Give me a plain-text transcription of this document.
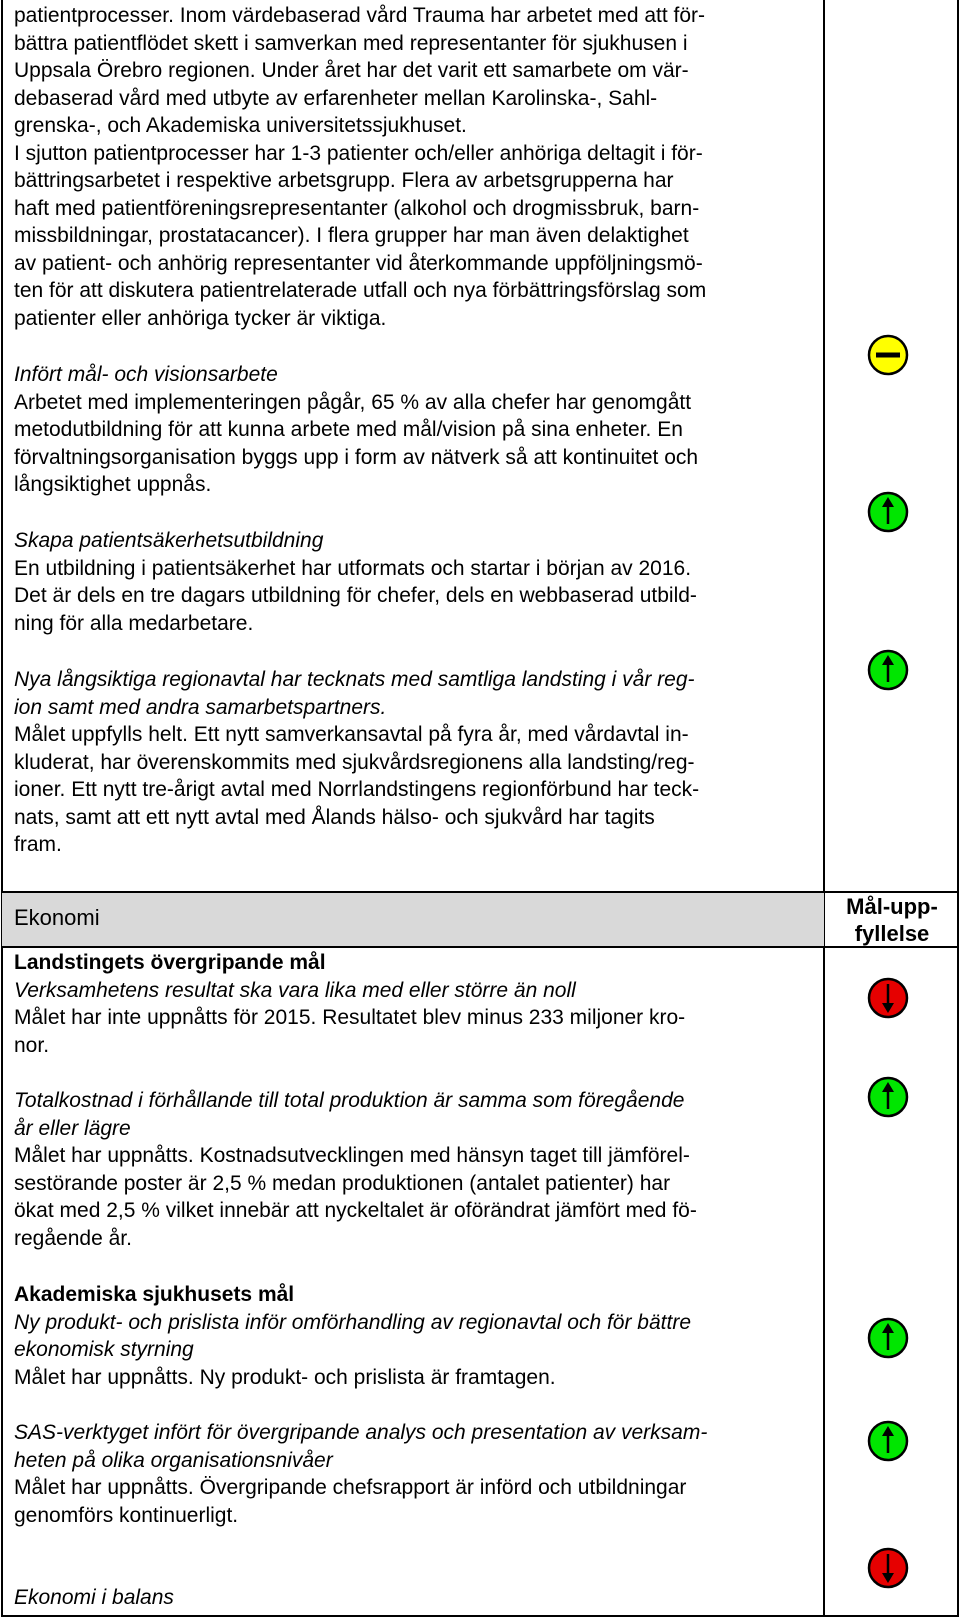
patientprocesser. Inom värdebaserad vård Trauma har arbetet med att för-
bättra patientflödet skett i samverkan med representanter för sjukhusen i
Uppsala Örebro regionen. Under året har det varit ett samarbete om vär-
debaserad vård med utbyte av erfarenheter mellan Karolinska-, Sahl-
grenska-, och Akademiska universitetssjukhuset.
I sjutton patientprocesser har 1-3 patienter och/eller anhöriga deltagit i för-
bättringsarbetet i respektive arbetsgrupp. Flera av arbetsgrupperna har
haft med patientföreningsrepresentanter (alkohol och drogmissbruk, barn-
missbildningar, prostatacancer). I flera grupper har man även delaktighet
av patient- och anhörig representanter vid återkommande uppföljningsmö-
ten för att diskutera patientrelaterade utfall och nya förbättringsförslag som
patienter eller anhöriga tycker är viktiga.
Infört mål- och visionsarbete
Arbetet med implementeringen pågår, 65 % av alla chefer har genomgått
metodutbildning för att kunna arbete med mål/vision på sina enheter. En
förvaltningsorganisation byggs upp i form av nätverk så att kontinuitet och
långsiktighet uppnås.
Skapa patientsäkerhetsutbildning
En utbildning i patientsäkerhet har utformats och startar i början av 2016.
Det är dels en tre dagars utbildning för chefer, dels en webbaserad utbild-
ning för alla medarbetare.
Nya långsiktiga regionavtal har tecknats med samtliga landsting i vår reg-
ion samt med andra samarbetspartners.
Målet uppfylls helt. Ett nytt samverkansavtal på fyra år, med vårdavtal in-
kluderat, har överenskommits med sjukvårdsregionens alla landsting/reg-
ioner. Ett nytt tre-årigt avtal med Norrlandstingens regionförbund har teck-
nats, samt att ett nytt avtal med Ålands hälso- och sjukvård har tagits
fram.
Ekonomi	Mål-upp-
fyllelse
Landstingets övergripande mål
Verksamhetens resultat ska vara lika med eller större än noll
Målet har inte uppnåtts för 2015. Resultatet blev minus 233 miljoner kro-
nor.
Totalkostnad i förhållande till total produktion är samma som föregående
år eller lägre
Målet har uppnåtts. Kostnadsutvecklingen med hänsyn taget till jämförel-
sestörande poster är 2,5 % medan produktionen (antalet patienter) har
ökat med 2,5 % vilket innebär att nyckeltalet är oförändrat jämfört med fö-
regående år.
Akademiska sjukhusets mål
Ny produkt- och prislista inför omförhandling av regionavtal och för bättre
ekonomisk styrning
Målet har uppnåtts. Ny produkt- och prislista är framtagen.
SAS-verktyget infört för övergripande analys och presentation av verksam-
heten på olika organisationsnivåer
Målet har uppnåtts. Övergripande chefsrapport är införd och utbildningar
genomförs kontinuerligt.
Ekonomi i balans
